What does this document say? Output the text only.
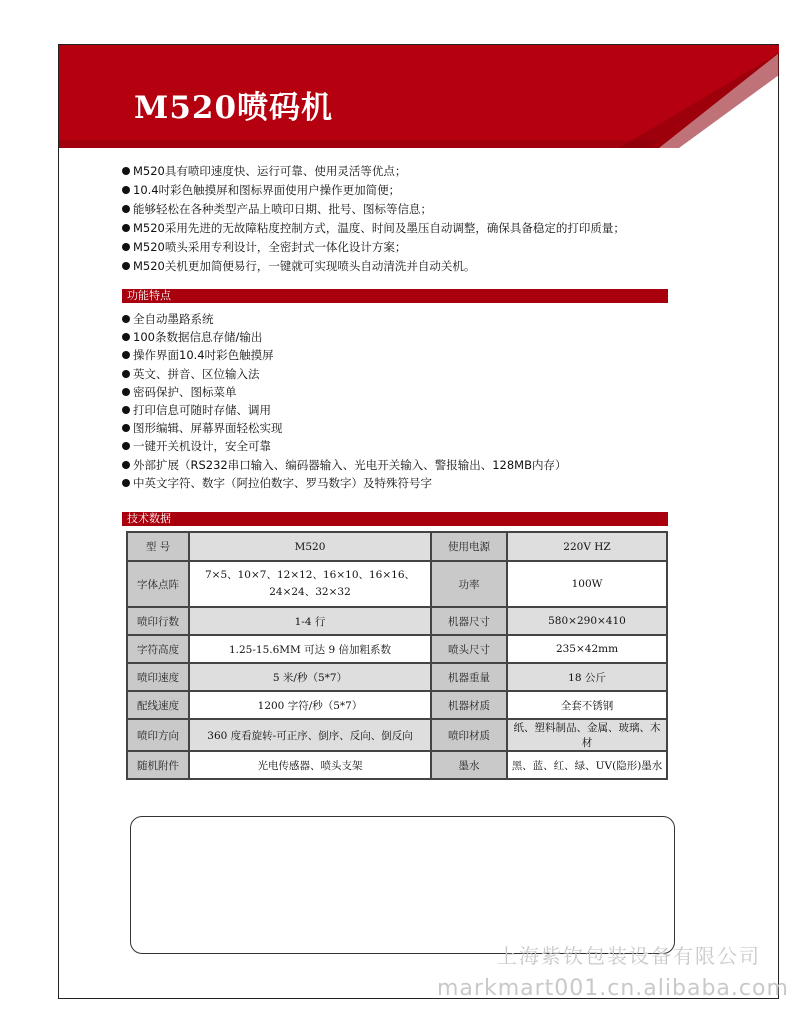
M520喷码机
M520具有喷印速度快、运行可靠、使用灵活等优点；
10.4吋彩色触摸屏和图标界面使用户操作更加简便；
能够轻松在各种类型产品上喷印日期、批号、图标等信息；
M520采用先进的无故障粘度控制方式，温度、时间及墨压自动调整，确保具备稳定的打印质量；
M520喷头采用专利设计，全密封式一体化设计方案；
M520关机更加简便易行，一键就可实现喷头自动清洗并自动关机。
功能特点
全自动墨路系统
100条数据信息存储/输出
操作界面10.4吋彩色触摸屏
英文、拼音、区位输入法
密码保护、图标菜单
打印信息可随时存储、调用
图形编辑、屏幕界面轻松实现
一键开关机设计，安全可靠
外部扩展（RS232串口输入、编码器输入、光电开关输入、警报输出、128MB内存）
中英文字符、数字（阿拉伯数字、罗马数字）及特殊符号字
技术数据
型 号	M520	使用电源	220V HZ
字体点阵	7×5、10×7、12×12、16×10、16×16、24×24、32×32	功率	100W
喷印行数	1-4 行	机器尺寸	580×290×410
字符高度	1.25-15.6MM 可达 9 倍加粗系数	喷头尺寸	235×42mm
喷印速度	5 米/秒（5*7）	机器重量	18 公斤
配线速度	1200 字符/秒（5*7）	机器材质	全套不锈钢
喷印方向	360 度看旋转-可正序、倒序、反向、倒反向	喷印材质	纸、塑料制品、金属、玻璃、木材
随机附件	光电传感器、喷头支架	墨水	黑、蓝、红、绿、UV(隐形)墨水
上海紫钦包装设备有限公司
markmart001.cn.alibaba.com
